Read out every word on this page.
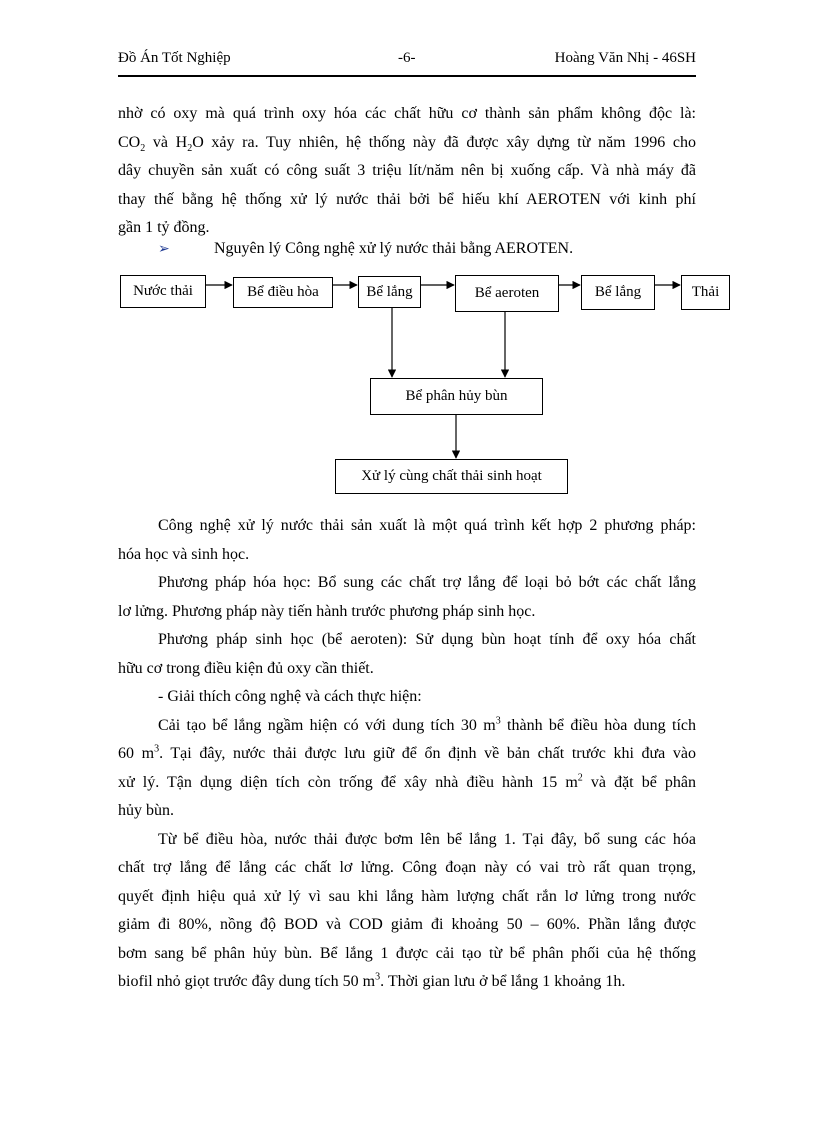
Đồ Án Tốt Nghiệp	-6-	Hoàng Văn Nhị - 46SH
nhờ có oxy mà quá trình oxy hóa các chất hữu cơ thành sản phẩm không độc là:
$CO_2$ và $H_2O$ xảy ra. Tuy nhiên, hệ thống này đã được xây dựng từ năm 1996 cho
dây chuyền sản xuất có công suất 3 triệu lít/năm nên bị xuống cấp. Và nhà máy đã
thay thế bằng hệ thống xử lý nước thải bởi bể hiếu khí AEROTEN với kinh phí
gần 1 tỷ đồng.
➢	Nguyên lý Công nghệ xử lý nước thải bằng AEROTEN.
Nước thải	Bể điều hòa	Bể lắng	Bể aeroten	Bể lắng	Thải
Bể phân hủy bùn
Xử lý cùng chất thải sinh hoạt
Công nghệ xử lý nước thải sản xuất là một quá trình kết hợp 2 phương pháp:
hóa học và sinh học.
Phương pháp hóa học: Bổ sung các chất trợ lắng để loại bỏ bớt các chất lắng
lơ lửng. Phương pháp này tiến hành trước phương pháp sinh học.
Phương pháp sinh học (bể aeroten): Sử dụng bùn hoạt tính để oxy hóa chất
hữu cơ trong điều kiện đủ oxy cần thiết.
- Giải thích công nghệ và cách thực hiện:
Cải tạo bể lắng ngầm hiện có với dung tích 30 $m^3$ thành bể điều hòa dung tích
60 $m^3$. Tại đây, nước thải được lưu giữ để ổn định về bản chất trước khi đưa vào
xử lý. Tận dụng diện tích còn trống để xây nhà điều hành 15 $m^2$ và đặt bể phân
hủy bùn.
Từ bể điều hòa, nước thải được bơm lên bể lắng 1. Tại đây, bổ sung các hóa
chất trợ lắng để lắng các chất lơ lửng. Công đoạn này có vai trò rất quan trọng,
quyết định hiệu quả xử lý vì sau khi lắng hàm lượng chất rắn lơ lửng trong nước
giảm đi 80%, nồng độ BOD và COD giảm đi khoảng 50 – 60%. Phần lắng được
bơm sang bể phân hủy bùn. Bể lắng 1 được cải tạo từ bể phân phối của hệ thống
biofil nhỏ giọt trước đây dung tích 50 $m^3$. Thời gian lưu ở bể lắng 1 khoảng 1h.
